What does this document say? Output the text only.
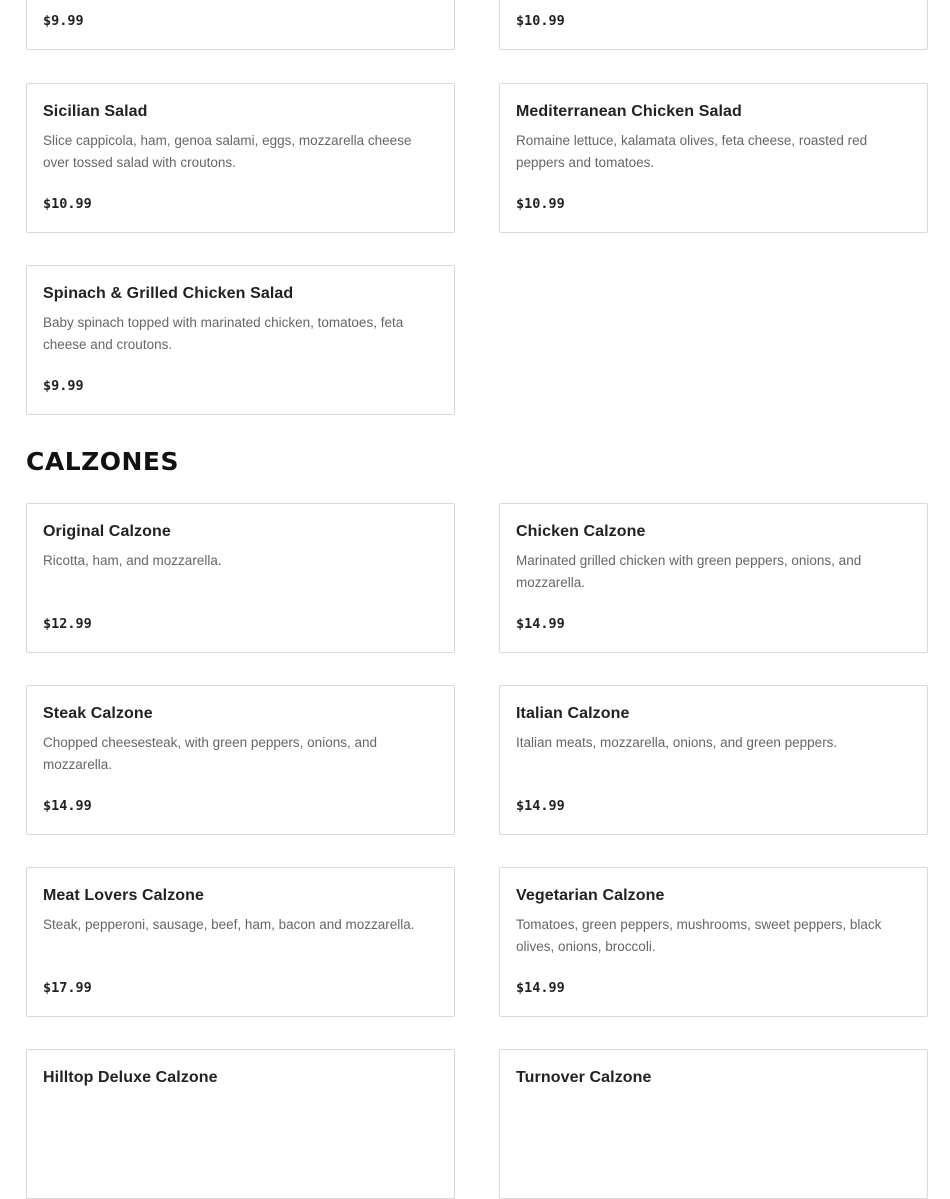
$9.99	$10.99
Sicilian Salad
Slice cappicola, ham, genoa salami, eggs, mozzarella cheese over tossed salad with croutons.
$10.99
Mediterranean Chicken Salad
Romaine lettuce, kalamata olives, feta cheese, roasted red peppers and tomatoes.
$10.99
Spinach & Grilled Chicken Salad
Baby spinach topped with marinated chicken, tomatoes, feta cheese and croutons.
$9.99
CALZONES
Original Calzone
Ricotta, ham, and mozzarella.
$12.99
Chicken Calzone
Marinated grilled chicken with green peppers, onions, and mozzarella.
$14.99
Steak Calzone
Chopped cheesesteak, with green peppers, onions, and mozzarella.
$14.99
Italian Calzone
Italian meats, mozzarella, onions, and green peppers.
$14.99
Meat Lovers Calzone
Steak, pepperoni, sausage, beef, ham, bacon and mozzarella.
$17.99
Vegetarian Calzone
Tomatoes, green peppers, mushrooms, sweet peppers, black olives, onions, broccoli.
$14.99
Hilltop Deluxe Calzone	Turnover Calzone
